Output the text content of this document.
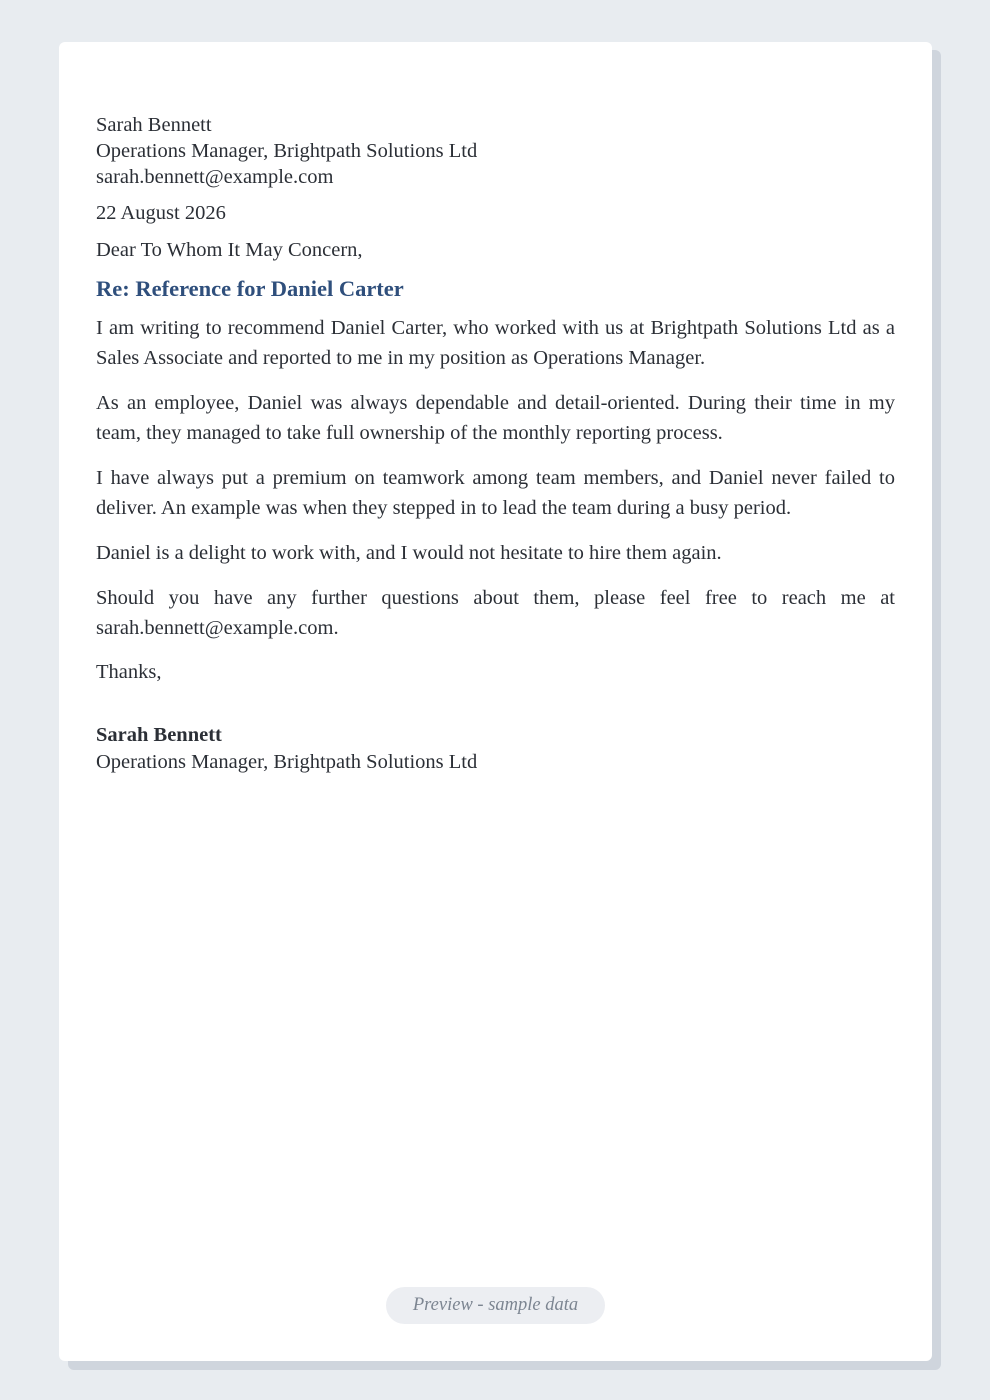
Sarah Bennett
Operations Manager, Brightpath Solutions Ltd
sarah.bennett@example.com
22 August 2026
Dear To Whom It May Concern,
Re: Reference for Daniel Carter

I am writing to recommend Daniel Carter, who worked with us at Brightpath Solutions Ltd as a Sales Associate and reported to me in my position as Operations Manager.

As an employee, Daniel was always dependable and detail-oriented. During their time in my team, they managed to take full ownership of the monthly reporting process.

I have always put a premium on teamwork among team members, and Daniel never failed to deliver. An example was when they stepped in to lead the team during a busy period.

Daniel is a delight to work with, and I would not hesitate to hire them again.

Should you have any further questions about them, please feel free to reach me at sarah.bennett@example.com.

Thanks,
Sarah Bennett
Operations Manager, Brightpath Solutions Ltd
Preview - sample data
